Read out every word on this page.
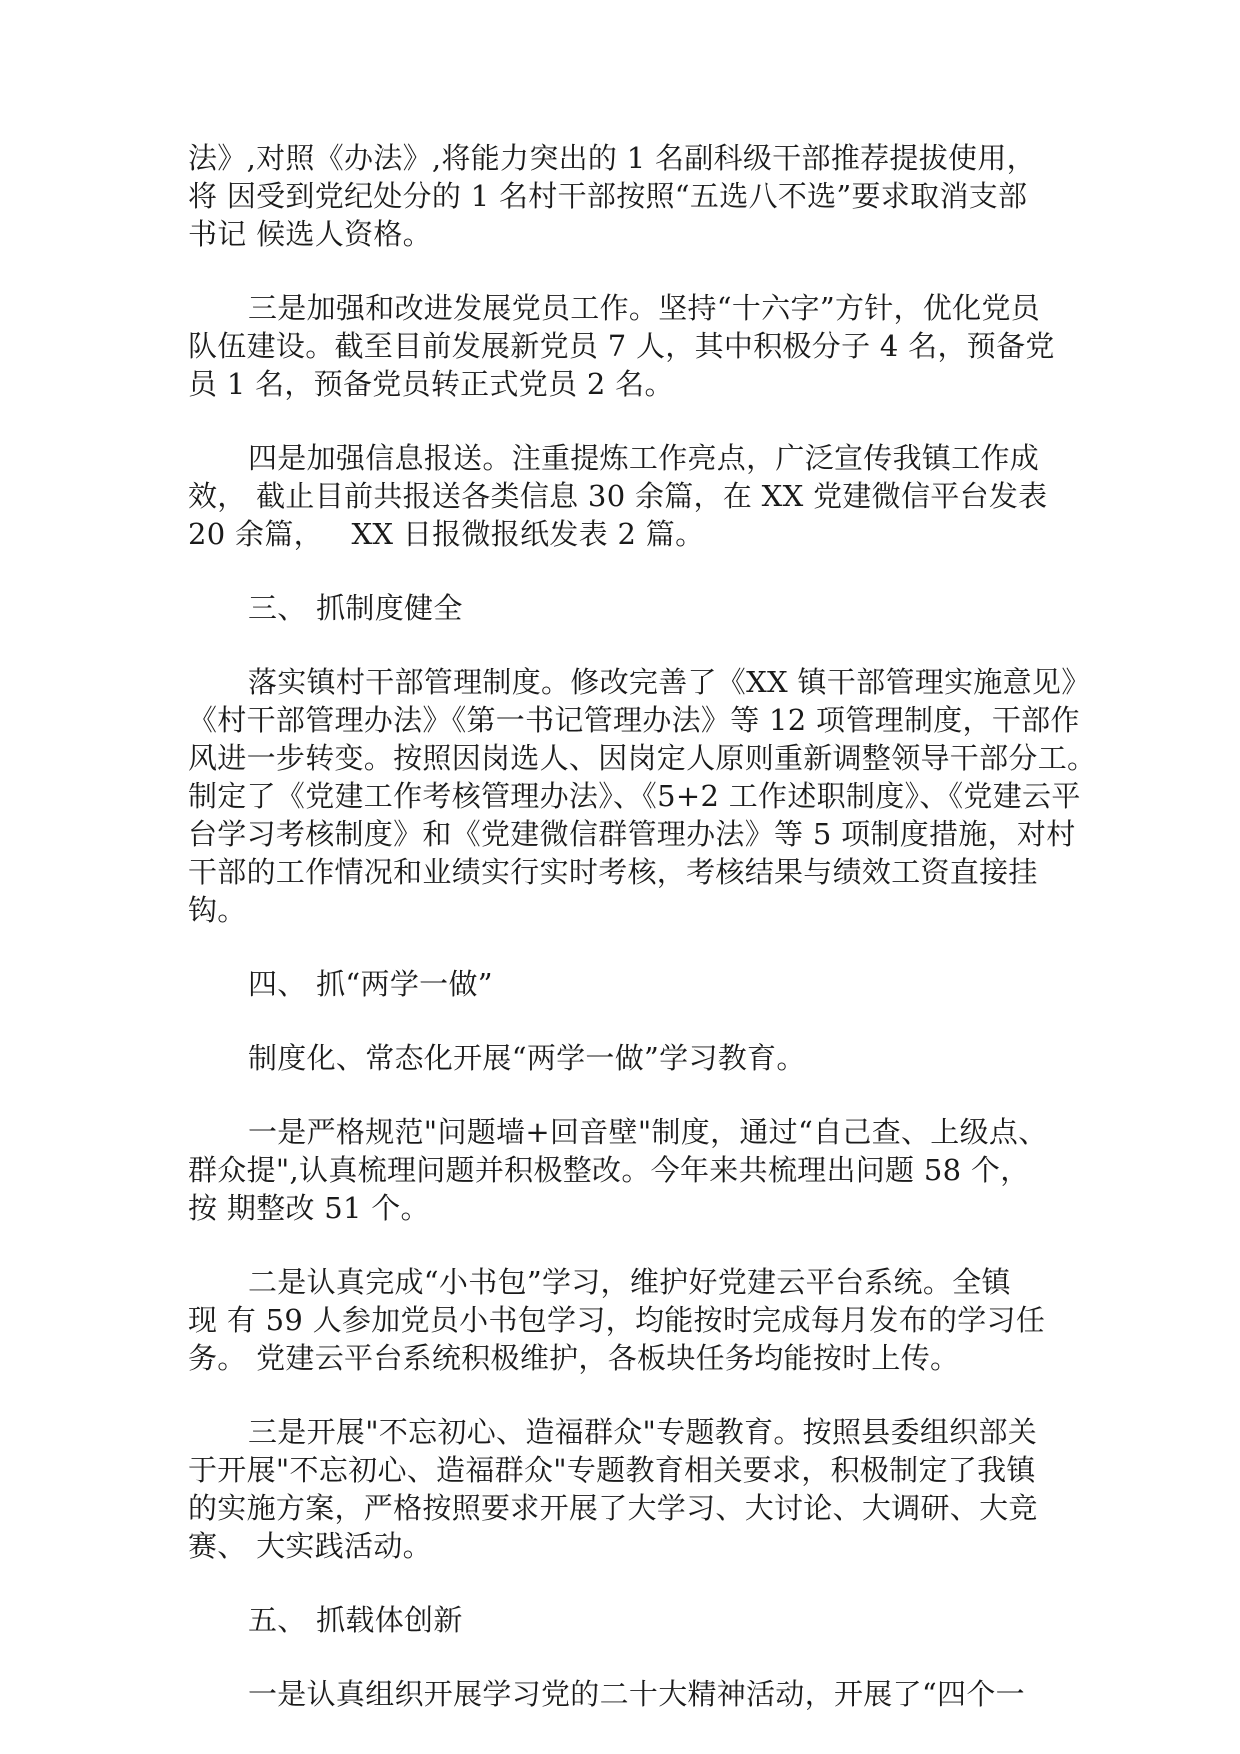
法》,对照《办法》,将能力突出的 1 名副科级干部推荐提拔使用，
将 因受到党纪处分的 1 名村干部按照“五选八不选”要求取消支部
书记 候选人资格。
三是加强和改进发展党员工作。坚持“十六字”方针，优化党员
队伍建设。截至目前发展新党员 7 人，其中积极分子 4 名，预备党
员 1 名，预备党员转正式党员 2 名。
四是加强信息报送。注重提炼工作亮点，广泛宣传我镇工作成
效， 截止目前共报送各类信息 30 余篇，在 XX 党建微信平台发表
20 余篇，   XX 日报微报纸发表 2 篇。
三、 抓制度健全
落实镇村干部管理制度。修改完善了《XX 镇干部管理实施意见》
《村干部管理办法》《第一书记管理办法》等 12 项管理制度，干部作
风进一步转变。按照因岗选人、因岗定人原则重新调整领导干部分工。
制定了《党建工作考核管理办法》、《5+2 工作述职制度》、《党建云平
台学习考核制度》和《党建微信群管理办法》等 5 项制度措施，对村
干部的工作情况和业绩实行实时考核，考核结果与绩效工资直接挂
钩。
四、 抓“两学一做”
制度化、常态化开展“两学一做”学习教育。
一是严格规范"问题墙+回音壁"制度，通过“自己查、上级点、
群众提",认真梳理问题并积极整改。今年来共梳理出问题 58 个，
按 期整改 51 个。
二是认真完成“小书包”学习，维护好党建云平台系统。全镇
现 有 59 人参加党员小书包学习，均能按时完成每月发布的学习任
务。 党建云平台系统积极维护，各板块任务均能按时上传。
三是开展"不忘初心、造福群众"专题教育。按照县委组织部关
于开展"不忘初心、造福群众"专题教育相关要求，积极制定了我镇
的实施方案，严格按照要求开展了大学习、大讨论、大调研、大竞
赛、 大实践活动。
五、 抓载体创新
一是认真组织开展学习党的二十大精神活动，开展了“四个一
